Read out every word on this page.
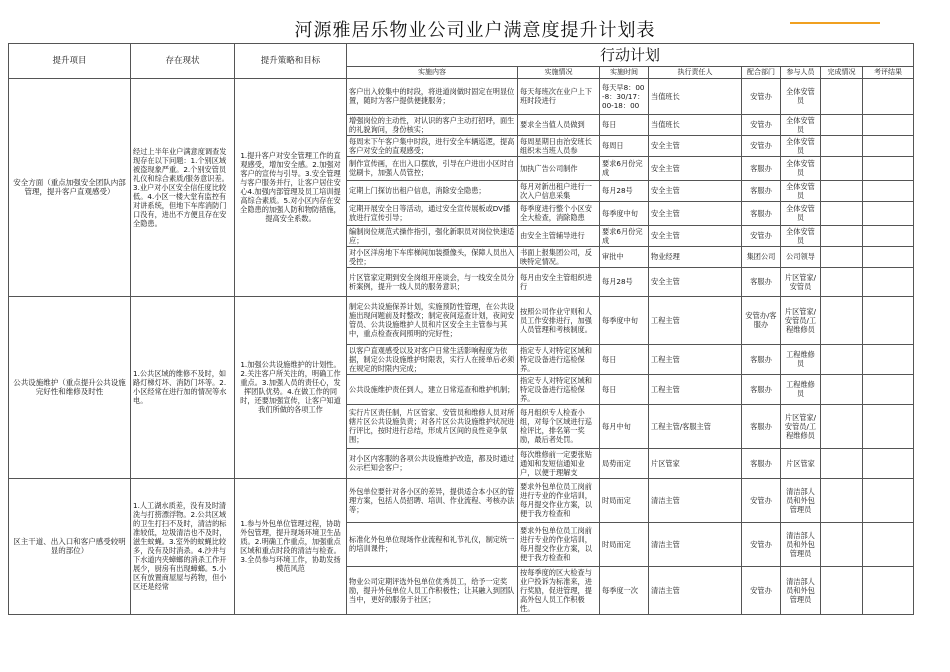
河源雅居乐物业公司业户满意度提升计划表
提升项目	存在现状	提升策略和目标	行动计划							
			实施内容	实施情况	实施时间	执行责任人	配合部门	参与人员	完成情况	考评结果
安全方面（重点加强安全团队内部管理，提升客户直观感受）	经过上半年业户满意度调查发现存在以下问题：1.个别区域被盗现象严重。2.个别安管员礼仪和综合素质/服务意识差。3.业户对小区安全信任度比较低。4.小区一楼大堂有监控有对讲系统，但地下车库消防门口没有，进出不方便且存在安全隐患。	1.提升客户对安全管理工作的直观感受，增加安全感。2.加强对客户的宣传与引导。3.安全管理与客户服务并行，让客户居住安心4.加强内部管理及员工培训提高综合素质。5.对小区内存在安全隐患的加强人防和物防措施，提高安全系数。	客户出入较集中的时段，将进道岗做时固定在明显位置，随时为客户提供便捷服务；	每天每班次在业户上下班时段进行	每天早8：00-8：30/17：00-18：00	当值班长	安管办	全体安管员		
			增强岗位的主动性，对认识的客户主动打招呼，面生的礼貌询问，身份核实；	要求全当值人员做到	每日	当值班长	安管办	全体安管员		
			每周末下午客户集中时段，进行安全车辆巡逻，提高客户对安全的直观感受；	每周星期日由治安班长组织未当班人员参	每周日	安全主管	安管办	全体安管员		
			制作宣传画，在出入口摆放，引导在户进出小区时自觉刷卡，加强人员管控；	加执广告公司制作	要求6月份完成	安全主管	客服办	全体安管员		
			定期上门探访出租户信息，消除安全隐患；	每月对新出租户进行一次入户信息采集	每月28号	安全主管	客服办	全体安管员		
			定期开展安全日等活动，通过安全宣传展板或DV播放进行宣传引导；	每季度进行整个小区安全大检查，消除隐患	每季度中旬	安全主管	客服办	全体安管员		
			编制岗位规范式操作指引，强化新职员对岗位快速适应；	由安全主管辅导进行	要求6月份完成	安全主管	安管办	全体安管员		
			对小区洋房地下车库梯间加装摄像头，保障人员出入受控；	书面上报集团公司，反映特定情况。	审批中	物业经理	集团公司	公司领导		
			片区管家定期到安全岗组开座谈会，与一线安全员分析案例，提升一线人员的服务意识；	每月由安全主管组织进行	每月28号	安全主管	客服办	片区管家/安管员		
公共设施维护（重点提升公共设施完好性和维修及时性	1.公共区域的维修不及时，如路灯梯灯坏、消防门坏等。2.小区经常在进行加的情况等水电。	1.加强公共设施维护的计划性。2.关注客户所关注的，明确工作重点。3.加强人员的责任心，发挥团队优势。4.在做工作的同时，还要加强宣传，让客户知道我们所做的各项工作	制定公共设施保养计划，实施预防性管理，在公共设施出现问题前及时整改；制定夜间巡查计划，夜间安管员、公共设施维护人员和片区安全主主管参与其中，重点检查夜间照明的完好性；	按照公司作业守则和人员工作安排进行，加强人员管理和考核制度。	每季度中旬	工程主管	安管办/客服办	片区管家/安管员/工程维修员		
			以客户直观感受以及对客户日常生活影响程度为依据，制定公共设施维护时限表，实行人在接单后必须在规定的时限内完成；	指定专人对特定区域和特定设备进行巡检保养。	每日	工程主管	客服办	工程维修员		
			公共设施维护责任到人，建立日常巡查和维护机制；	指定专人对特定区域和特定设备进行巡检保养。	每日	工程主管	客服办	工程维修员		
			实行片区责任制，片区管家、安管员和维修人员对所辖片区公共设施负责；对各片区公共设施维护状况进行评比，按时进行总结，形成片区间的良性竞争氛围；	每月组织专人检查小组，对每个区域进行巡检评比，排名第一奖励，最后者处罚。	每月中旬	工程主管/客服主管	客服办	片区管家/安管员/工程维修员		
			对小区内客服的各项公共设施维护改造，都及时通过公示栏知会客户；	每次维修前一定要张贴通知和发短信通知业户，以便于理解支	局势而定	片区管家	客服办	片区管家		
区主干道、出入口和客户感受较明显的部位）	1.人工湖水质差，没有及时清洗与打捞漂浮物。2.公共区域的卫生打扫不及时，清洁的标准较低，垃圾清洁也不及时，滋生蚊蝇。3.室外的蚊蝇比较多，没有及时消杀。4.沙井与下水道内夹蟑螂的消杀工作开展少，厨房有出现蟑螂。5.小区有放置商屋屋与药物，但小区还是经常	1.参与外包单位管理过程，协助外包管理，提升现场环境卫生品质。2.明确工作重点，加强重点区域和重点时段的清洁与检查。3.全员参与环境工作，协助发扬模范风范	外包单位要针对各小区的差异，提供适合本小区的管理方案，包括人员招聘、培训、作业流程、考核办法等；	要求外包单位员工岗前进行专业的作业培训，每月提交作业方案，以便于我方检查和	时局而定	清洁主管	安管办	清洁部人员和外包管理员		
			标准化外包单位现场作业流程和礼节礼仪，制定统一的培训课件；	要求外包单位员工岗前进行专业的作业培训，每月提交作业方案，以便于我方检查和	时局而定	清洁主管	安管办	清洁部人员和外包管理员		
			物业公司定期评选外包单位优秀员工，给予一定奖励，提升外包单位人员工作积极性；让其融入到团队当中，更好的服务于社区；	按每季度的区大检查与业户投诉为标准来，进行奖励，促进管理，提高外包人员工作积极性。	每季度一次	清洁主管	安管办	清洁部人员和外包管理员		
